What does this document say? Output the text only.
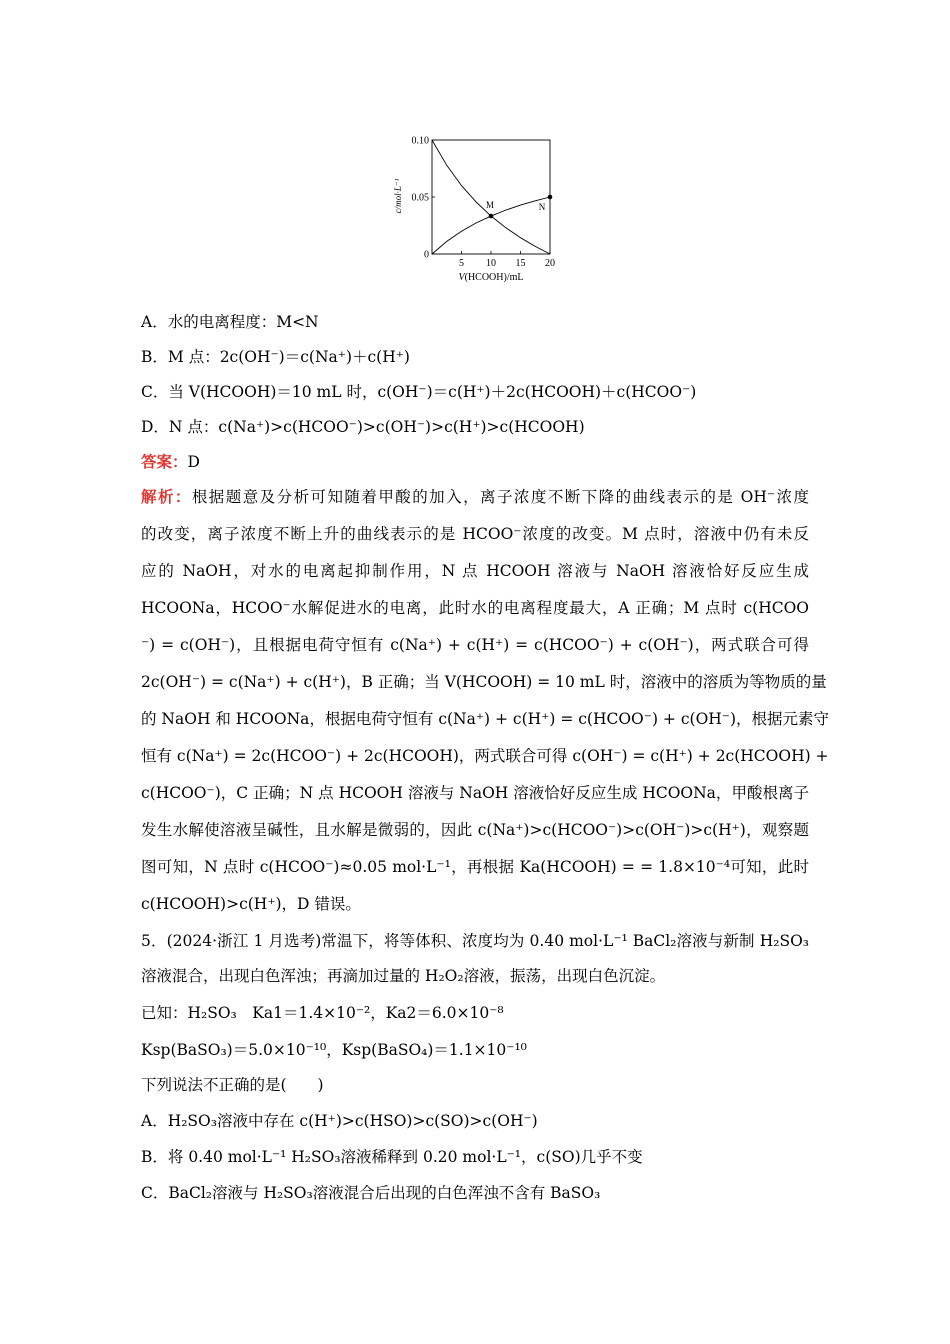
M	N
5 10 15 20
0
0.05
0.10
c/mol·L⁻¹
V(HCOOH)/mL
A．水的电离程度：M<N
B．M 点：2c(OH⁻)＝c(Na⁺)＋c(H⁺)
C．当 V(HCOOH)＝10 mL 时，c(OH⁻)＝c(H⁺)＋2c(HCOOH)＋c(HCOO⁻)
D．N 点：c(Na⁺)>c(HCOO⁻)>c(OH⁻)>c(H⁺)>c(HCOOH)
答案：D
解析：根据题意及分析可知随着甲酸的加入，离子浓度不断下降的曲线表示的是 OH⁻浓度
的改变，离子浓度不断上升的曲线表示的是 HCOO⁻浓度的改变。M 点时，溶液中仍有未反
应的 NaOH，对水的电离起抑制作用，N 点 HCOOH 溶液与 NaOH 溶液恰好反应生成
HCOONa，HCOO⁻水解促进水的电离，此时水的电离程度最大，A 正确；M 点时 c(HCOO
⁻) = c(OH⁻)，且根据电荷守恒有 c(Na⁺) + c(H⁺) = c(HCOO⁻) + c(OH⁻)，两式联合可得
2c(OH⁻) = c(Na⁺) + c(H⁺)，B 正确；当 V(HCOOH) = 10 mL 时，溶液中的溶质为等物质的量
的 NaOH 和 HCOONa，根据电荷守恒有 c(Na⁺) + c(H⁺) = c(HCOO⁻) + c(OH⁻)，根据元素守
恒有 c(Na⁺) = 2c(HCOO⁻) + 2c(HCOOH)，两式联合可得 c(OH⁻) = c(H⁺) + 2c(HCOOH) +
c(HCOO⁻)，C 正确；N 点 HCOOH 溶液与 NaOH 溶液恰好反应生成 HCOONa，甲酸根离子
发生水解使溶液呈碱性，且水解是微弱的，因此 c(Na⁺)>c(HCOO⁻)>c(OH⁻)>c(H⁺)，观察题
图可知，N 点时 c(HCOO⁻)≈0.05 mol·L⁻¹，再根据 Ka(HCOOH) = = 1.8×10⁻⁴可知，此时
c(HCOOH)>c(H⁺)，D 错误。
5．(2024·浙江 1 月选考)常温下，将等体积、浓度均为 0.40 mol·L⁻¹ BaCl₂溶液与新制 H₂SO₃
溶液混合，出现白色浑浊；再滴加过量的 H₂O₂溶液，振荡，出现白色沉淀。
已知：H₂SO₃　Ka1＝1.4×10⁻²，Ka2＝6.0×10⁻⁸
Ksp(BaSO₃)＝5.0×10⁻¹⁰，Ksp(BaSO₄)＝1.1×10⁻¹⁰
下列说法不正确的是(　　)
A．H₂SO₃溶液中存在 c(H⁺)>c(HSO)>c(SO)>c(OH⁻)
B．将 0.40 mol·L⁻¹ H₂SO₃溶液稀释到 0.20 mol·L⁻¹，c(SO)几乎不变
C．BaCl₂溶液与 H₂SO₃溶液混合后出现的白色浑浊不含有 BaSO₃
